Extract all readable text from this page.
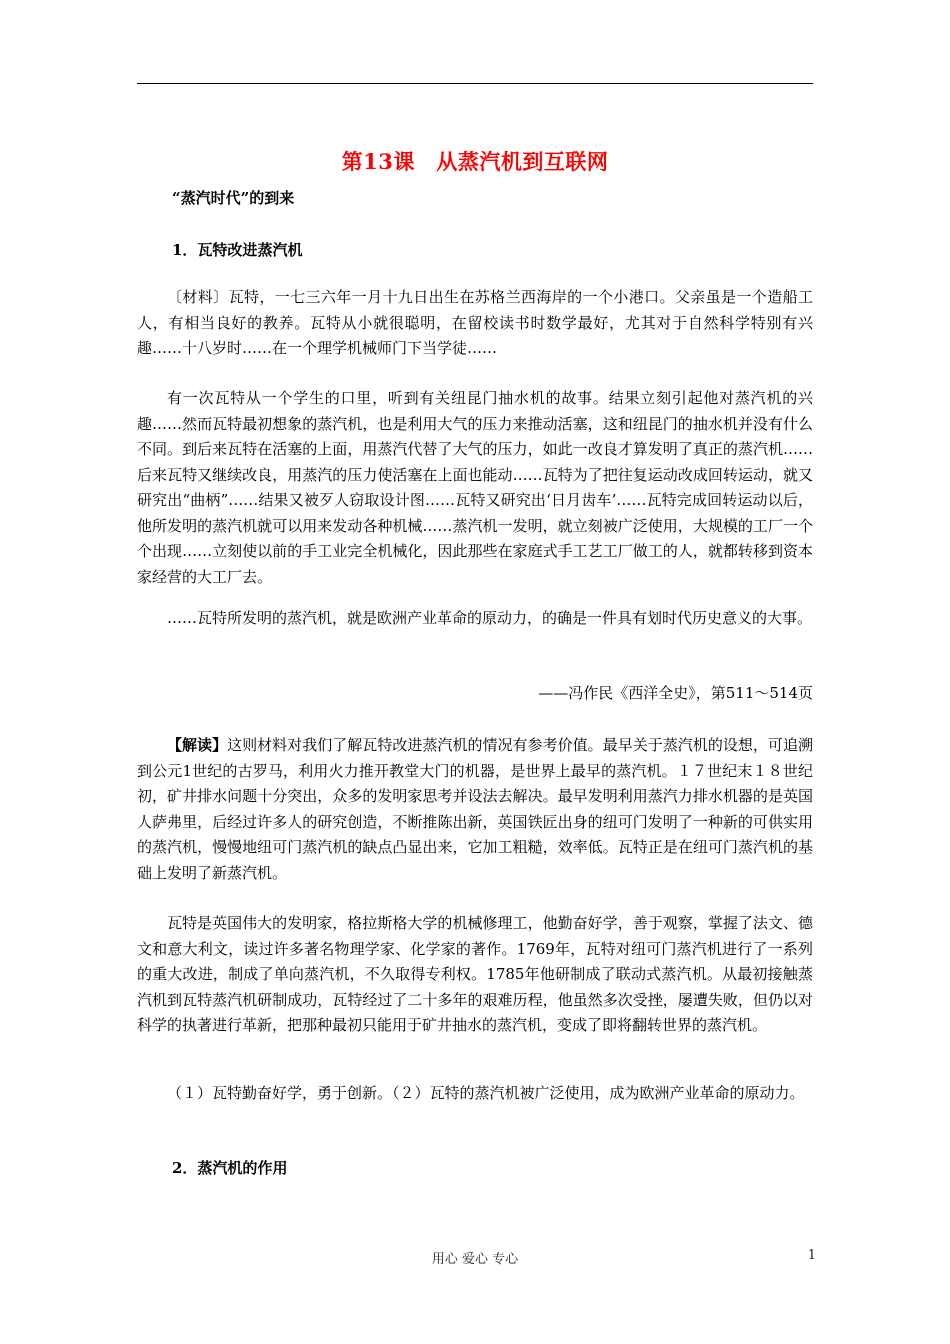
第13课　从蒸汽机到互联网
“蒸汽时代”的到来
1．瓦特改进蒸汽机

〔材料〕瓦特，一七三六年一月十九日出生在苏格兰西海岸的一个小港口。父亲虽是一个造船工人，有相当良好的教养。瓦特从小就很聪明，在留校读书时数学最好，尤其对于自然科学特别有兴趣……十八岁时……在一个理学机械师门下当学徒……

有一次瓦特从一个学生的口里，听到有关纽昆门抽水机的故事。结果立刻引起他对蒸汽机的兴趣……然而瓦特最初想象的蒸汽机，也是利用大气的压力来推动活塞，这和纽昆门的抽水机并没有什么不同。到后来瓦特在活塞的上面，用蒸汽代替了大气的压力，如此一改良才算发明了真正的蒸汽机……后来瓦特又继续改良，用蒸汽的压力使活塞在上面也能动……瓦特为了把往复运动改成回转运动，就又研究出“曲柄”……结果又被歹人窃取设计图……瓦特又研究出‘日月齿车’……瓦特完成回转运动以后，他所发明的蒸汽机就可以用来发动各种机械……蒸汽机一发明，就立刻被广泛使用，大规模的工厂一个个出现……立刻使以前的手工业完全机械化，因此那些在家庭式手工艺工厂做工的人，就都转移到资本家经营的大工厂去。

……瓦特所发明的蒸汽机，就是欧洲产业革命的原动力，的确是一件具有划时代历史意义的大事。

——冯作民《西洋全史》，第511～514页

【解读】这则材料对我们了解瓦特改进蒸汽机的情况有参考价值。最早关于蒸汽机的设想，可追溯到公元1世纪的古罗马，利用火力推开教堂大门的机器，是世界上最早的蒸汽机。１７世纪末１８世纪初，矿井排水问题十分突出，众多的发明家思考并设法去解决。最早发明利用蒸汽力排水机器的是英国人萨弗里，后经过许多人的研究创造，不断推陈出新，英国铁匠出身的纽可门发明了一种新的可供实用的蒸汽机，慢慢地纽可门蒸汽机的缺点凸显出来，它加工粗糙，效率低。瓦特正是在纽可门蒸汽机的基础上发明了新蒸汽机。

瓦特是英国伟大的发明家，格拉斯格大学的机械修理工，他勤奋好学，善于观察，掌握了法文、德文和意大利文，读过许多著名物理学家、化学家的著作。1769年，瓦特对纽可门蒸汽机进行了一系列的重大改进，制成了单向蒸汽机，不久取得专利权。1785年他研制成了联动式蒸汽机。从最初接触蒸汽机到瓦特蒸汽机研制成功，瓦特经过了二十多年的艰难历程，他虽然多次受挫，屡遭失败，但仍以对科学的执著进行革新，把那种最初只能用于矿井抽水的蒸汽机，变成了即将翻转世界的蒸汽机。

（１）瓦特勤奋好学，勇于创新。（２）瓦特的蒸汽机被广泛使用，成为欧洲产业革命的原动力。

2．蒸汽机的作用
用心 爱心 专心	1
